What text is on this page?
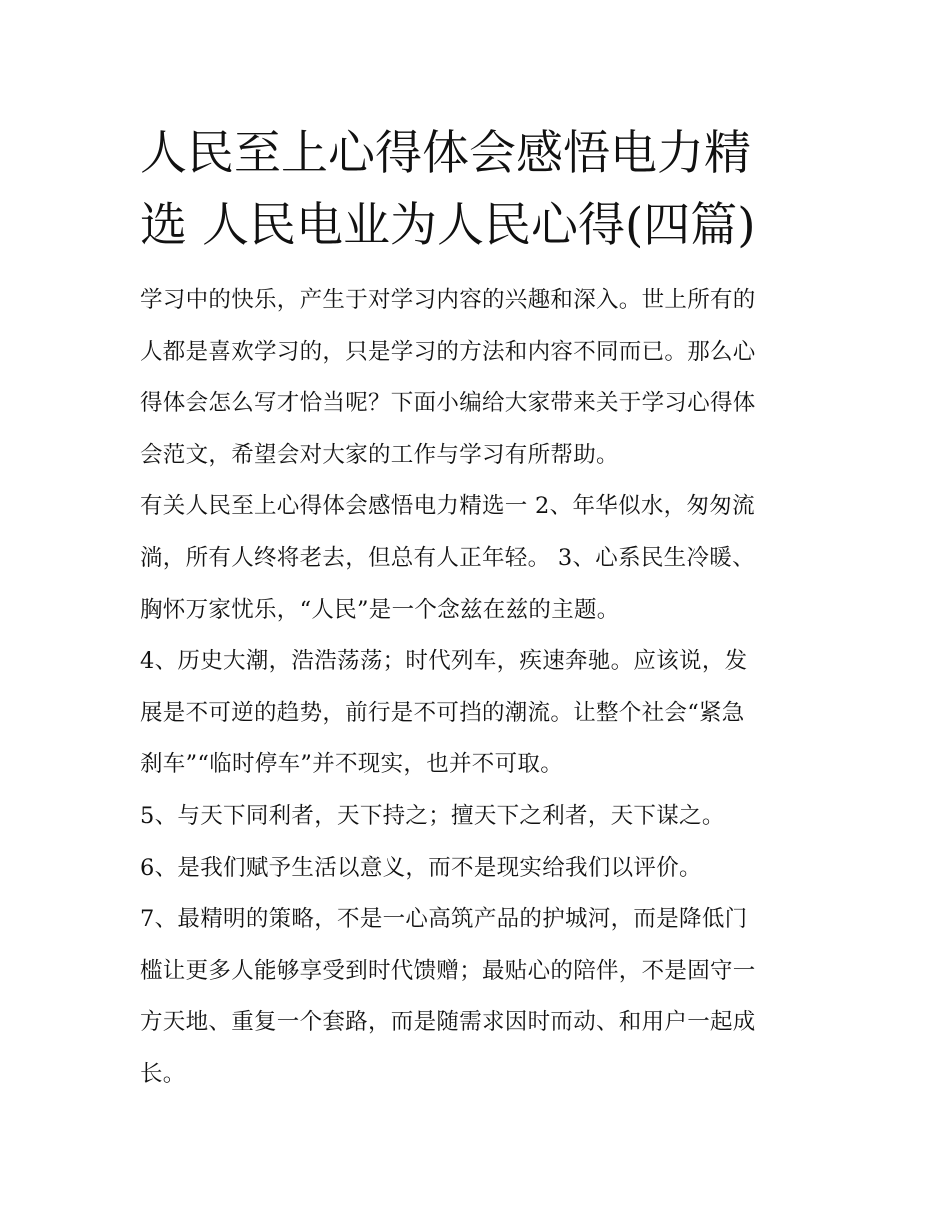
人民至上心得体会感悟电力精
选 人民电业为人民心得(四篇)
学习中的快乐，产生于对学习内容的兴趣和深入。世上所有的
人都是喜欢学习的，只是学习的方法和内容不同而已。那么心
得体会怎么写才恰当呢？下面小编给大家带来关于学习心得体
会范文，希望会对大家的工作与学习有所帮助。
有关人民至上心得体会感悟电力精选一 2、年华似水，匆匆流
淌，所有人终将老去，但总有人正年轻。 3、心系民生冷暖、
胸怀万家忧乐，“人民”是一个念兹在兹的主题。
4、历史大潮，浩浩荡荡；时代列车，疾速奔驰。应该说，发
展是不可逆的趋势，前行是不可挡的潮流。让整个社会“紧急
刹车”“临时停车”并不现实，也并不可取。
5、与天下同利者，天下持之；擅天下之利者，天下谋之。
6、是我们赋予生活以意义，而不是现实给我们以评价。
7、最精明的策略，不是一心高筑产品的护城河，而是降低门
槛让更多人能够享受到时代馈赠；最贴心的陪伴，不是固守一
方天地、重复一个套路，而是随需求因时而动、和用户一起成
长。
